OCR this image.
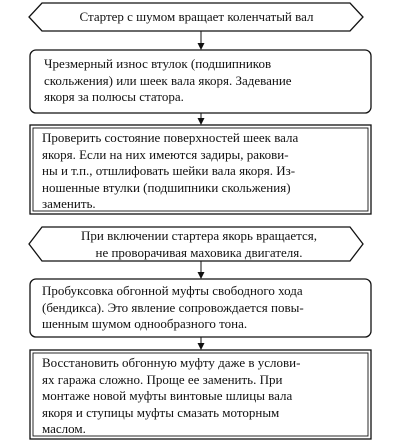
Стартер с шумом вращает коленчатый вал
Чрезмерный износ втулок (подшипников
скольжения) или шеек вала якоря. Задевание
якоря за полюсы статора.
Проверить состояние поверхностей шеек вала
якоря. Если на них имеются задиры, ракови-
ны и т.п., отшлифовать шейки вала якоря. Из-
ношенные втулки (подшипники скольжения)
заменить.
При включении стартера якорь вращается,
не проворачивая маховика двигателя.
Пробуксовка обгонной муфты свободного хода
(бендикса). Это явление сопровождается повы-
шенным шумом однообразного тона.
Восстановить обгонную муфту даже в услови-
ях гаража сложно. Проще ее заменить. При
монтаже новой муфты винтовые шлицы вала
якоря и ступицы муфты смазать моторным
маслом.
